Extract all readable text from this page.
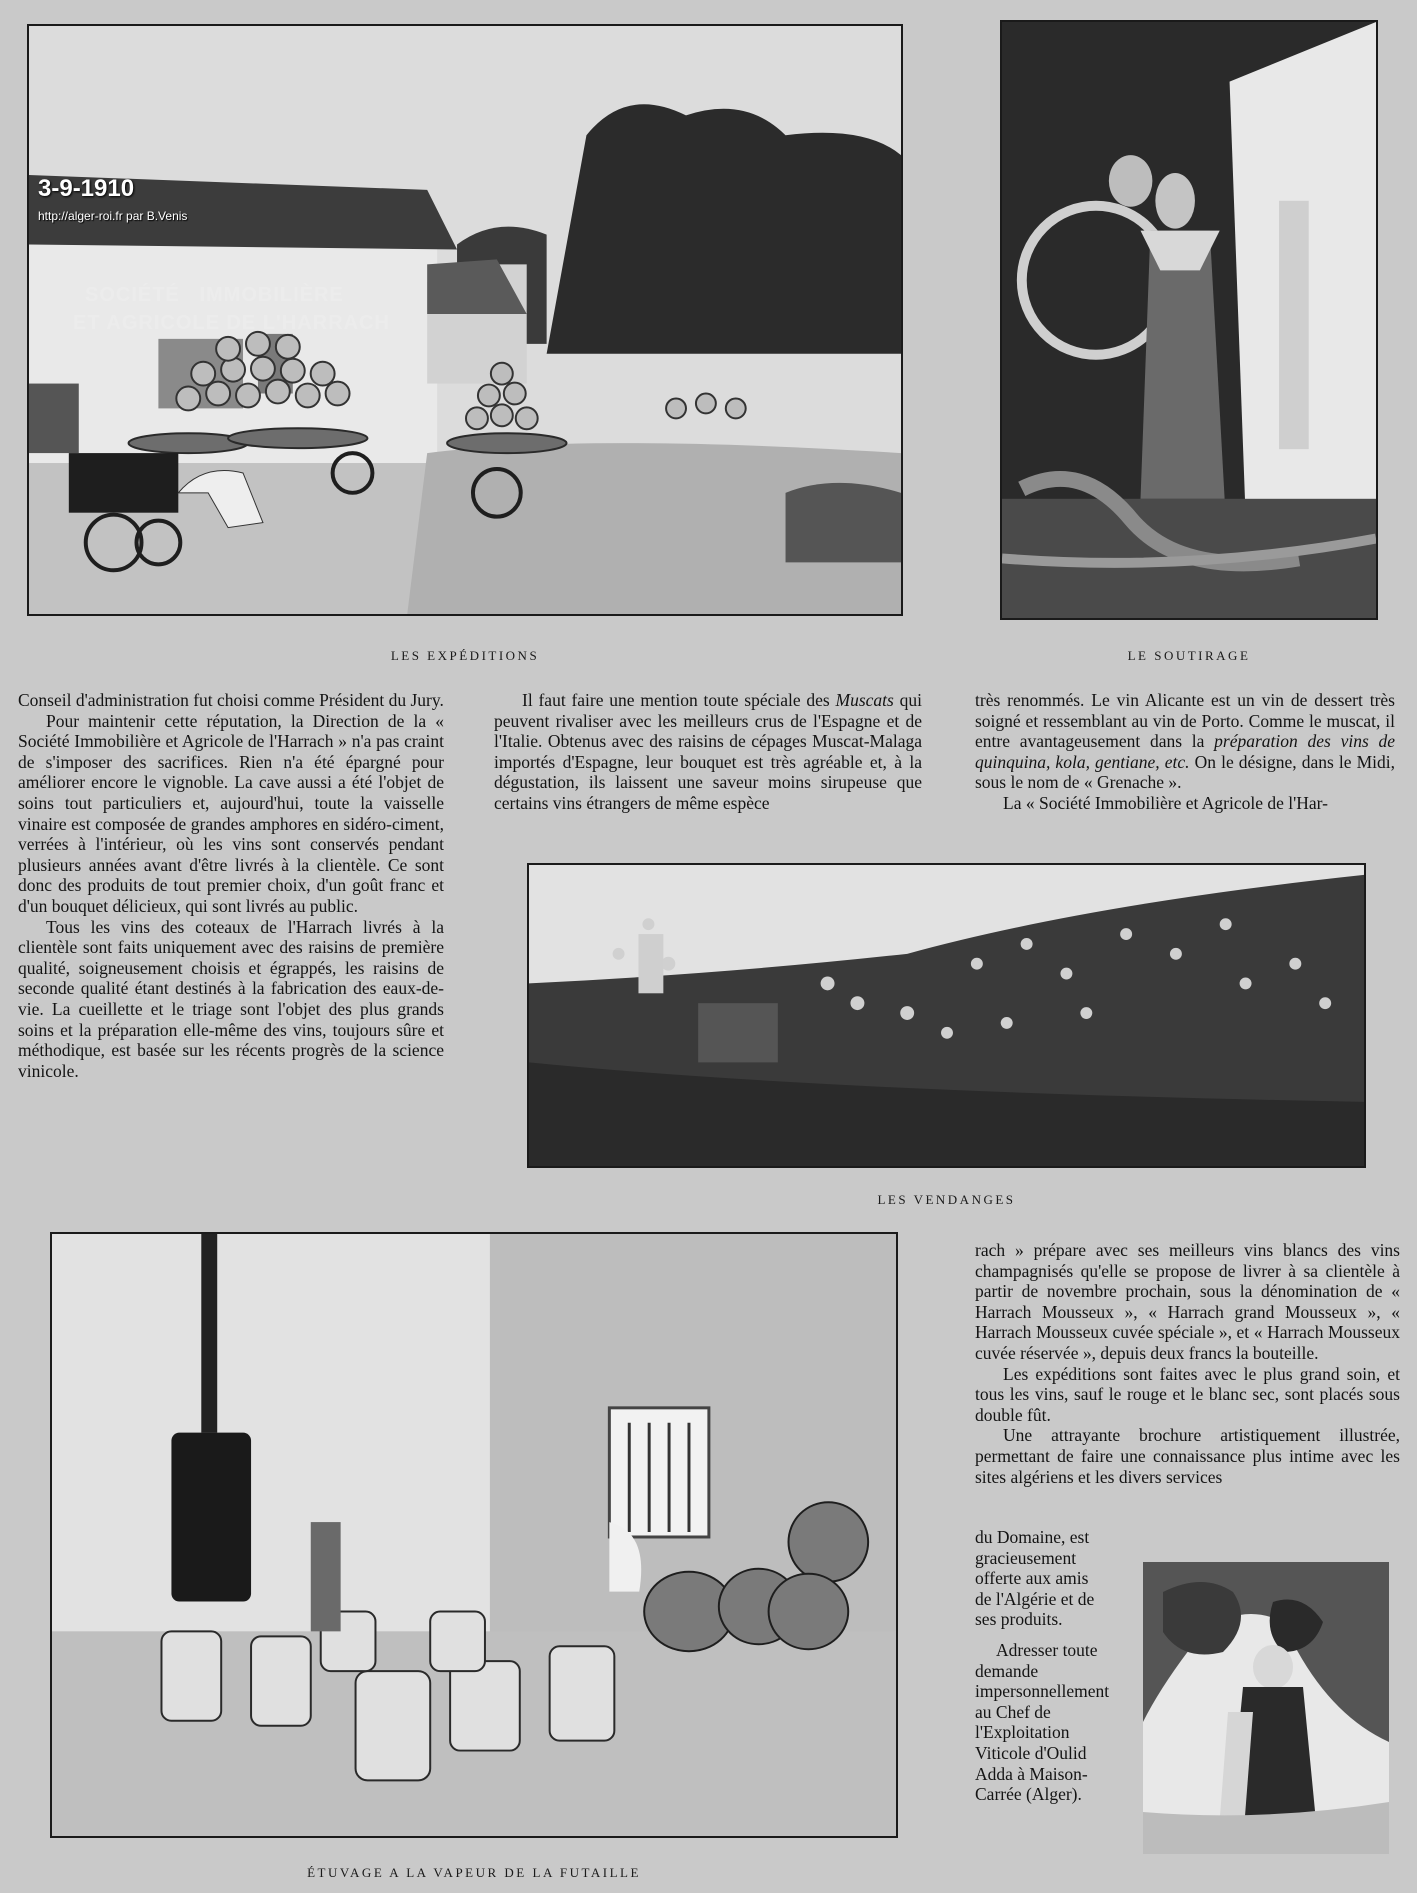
SOCIÉTÉ IMMOBILIÈRE
ET AGRICOLE DE L'HARRACH
3-9-1910
http://alger-roi.fr par B.Venis
LES EXPÉDITIONS	LE SOUTIRAGE

Conseil d'administration fut choisi comme Président du Jury.

Pour maintenir cette réputation, la Direction de la « Société Immobilière et Agricole de l'Harrach » n'a pas craint de s'imposer des sacrifices. Rien n'a été épargné pour améliorer encore le vignoble. La cave aussi a été l'objet de soins tout particuliers et, aujourd'hui, toute la vaisselle vinaire est composée de grandes amphores en sidéro-ciment, verrées à l'intérieur, où les vins sont conservés pendant plusieurs années avant d'être livrés à la clientèle. Ce sont donc des produits de tout premier choix, d'un goût franc et d'un bouquet délicieux, qui sont livrés au public.

Tous les vins des coteaux de l'Harrach livrés à la clientèle sont faits uniquement avec des raisins de première qualité, soigneusement choisis et égrappés, les raisins de seconde qualité étant destinés à la fabrication des eaux-de-vie. La cueillette et le triage sont l'objet des plus grands soins et la préparation elle-même des vins, toujours sûre et méthodique, est basée sur les récents progrès de la science vinicole.

Il faut faire une mention toute spéciale des Muscats qui peuvent rivaliser avec les meilleurs crus de l'Espagne et de l'Italie. Obtenus avec des raisins de cépages Muscat-Malaga importés d'Espagne, leur bouquet est très agréable et, à la dégustation, ils laissent une saveur moins sirupeuse que certains vins étrangers de même espèce

très renommés. Le vin Alicante est un vin de dessert très soigné et ressemblant au vin de Porto. Comme le muscat, il entre avantageusement dans la préparation des vins de quinquina, kola, gentiane, etc. On le désigne, dans le Midi, sous le nom de « Grenache ».

La « Société Immobilière et Agricole de l'Har-

LES VENDANGES
ÉTUVAGE A LA VAPEUR DE LA FUTAILLE

rach » prépare avec ses meilleurs vins blancs des vins champagnisés qu'elle se propose de livrer à sa clientèle à partir de novembre prochain, sous la dénomination de « Harrach Mousseux », « Harrach grand Mousseux », « Harrach Mousseux cuvée spéciale », et « Harrach Mousseux cuvée réservée », depuis deux francs la bouteille.

Les expéditions sont faites avec le plus grand soin, et tous les vins, sauf le rouge et le blanc sec, sont placés sous double fût.

Une attrayante brochure artistiquement illustrée, permettant de faire une connaissance plus intime avec les sites algériens et les divers services

du Domaine, est gracieusement offerte aux amis de l'Algérie et de ses produits.

Adresser toute demande impersonnellement au Chef de l'Exploitation Viticole d'Oulid Adda à Maison-Carrée (Alger).
